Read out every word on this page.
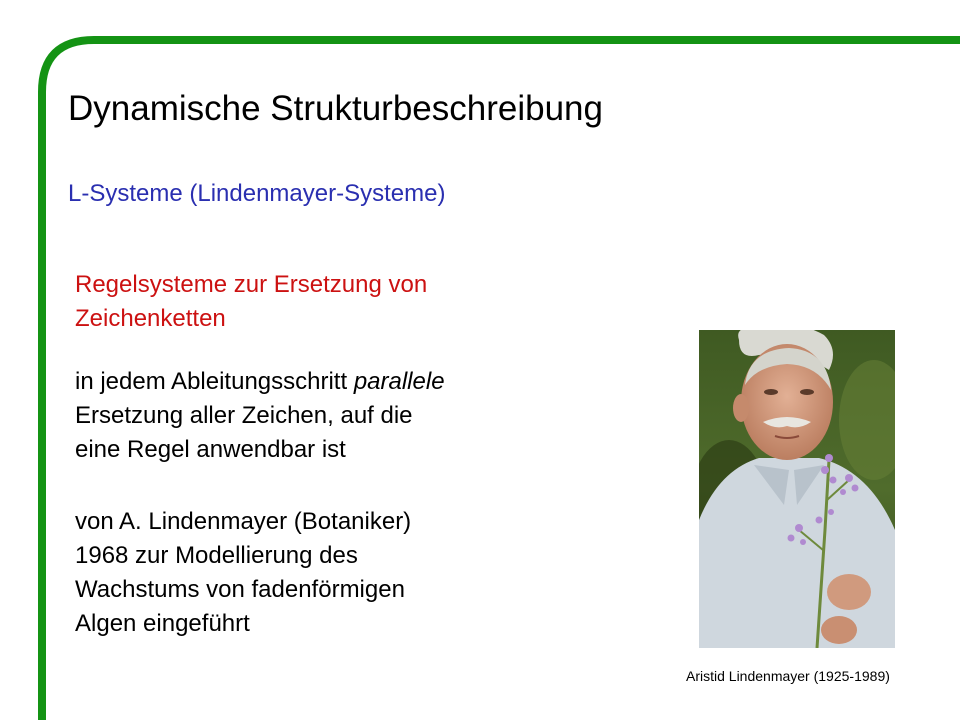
Dynamische Strukturbeschreibung

L-Systeme (Lindenmayer-Systeme)

Regelsysteme zur Ersetzung von
Zeichenketten
in jedem Ableitungsschritt parallele
Ersetzung aller Zeichen, auf die
eine Regel anwendbar ist
von A. Lindenmayer (Botaniker)
1968 zur Modellierung des
Wachstums von fadenförmigen
Algen eingeführt
Aristid Lindenmayer (1925-1989)
